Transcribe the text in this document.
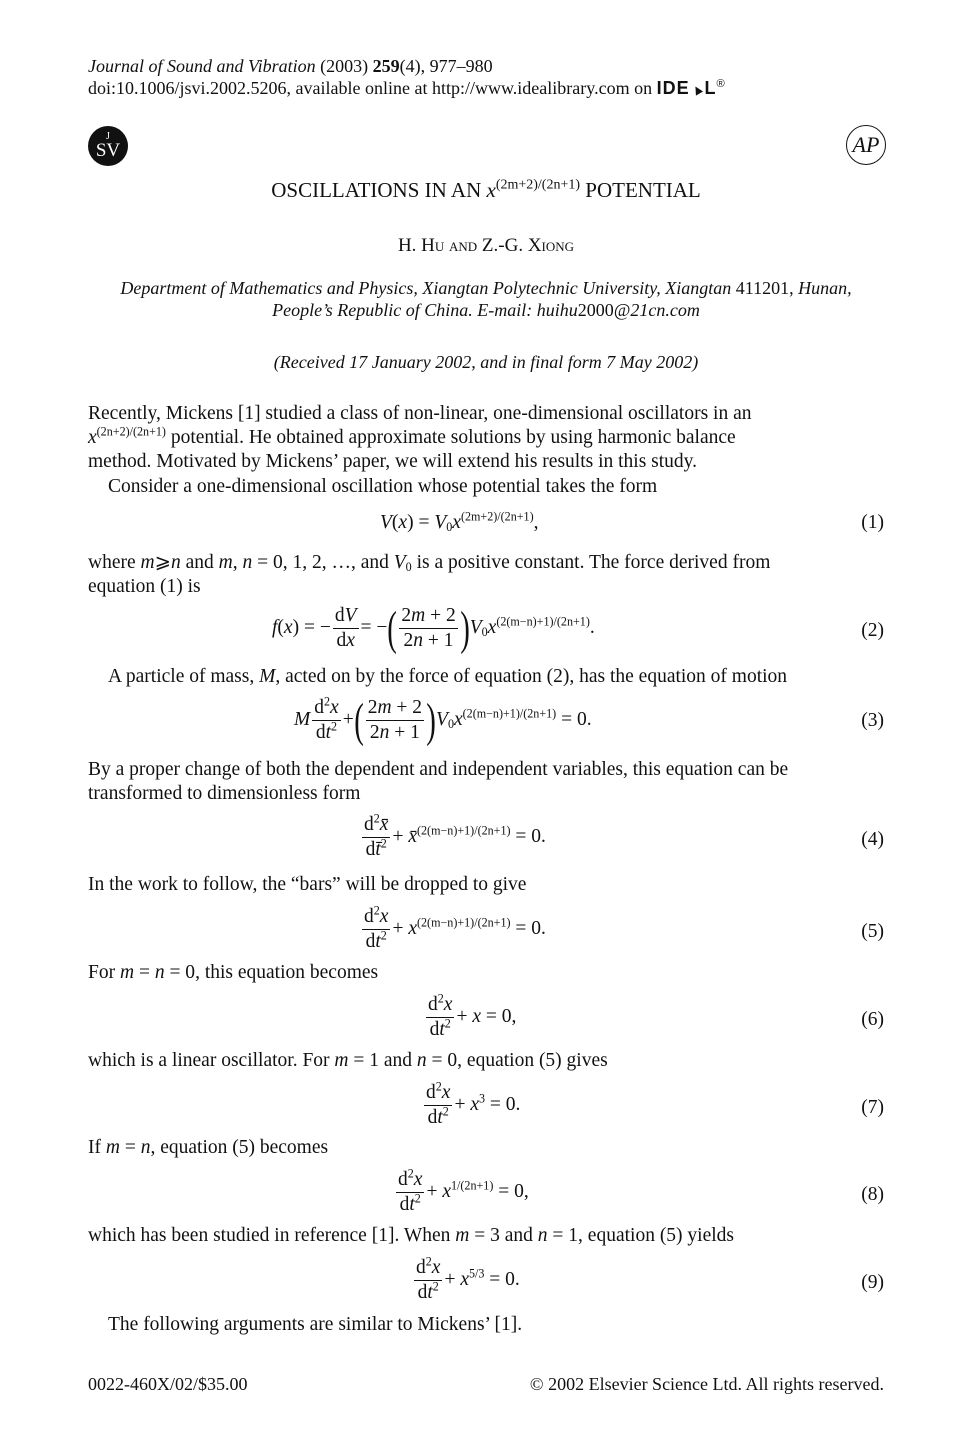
Journal of Sound and Vibration (2003) 259(4), 977–980
doi:10.1006/jsvi.2002.5206, available online at http://www.idealibrary.com on IDE▲L®
J
SV	AP
OSCILLATIONS IN AN $x^{(2m+2)/(2n+1)}$ POTENTIAL
H. Hu and Z.-G. Xiong
Department of Mathematics and Physics, Xiangtan Polytechnic University, Xiangtan 411201, Hunan,
People’s Republic of China. E-mail: huihu2000@21cn.com
(Received 17 January 2002, and in final form 7 May 2002)
Recently, Mickens [1] studied a class of non-linear, one-dimensional oscillators in an
$x^{(2n+2)/(2n+1)}$ potential. He obtained approximate solutions by using harmonic balance
method. Motivated by Mickens’ paper, we will extend his results in this study.
Consider a one-dimensional oscillation whose potential takes the form
$V(x) = V_0x^{(2m+2)/(2n+1)}$,	(1)
where m⩾n and m, n = 0, 1, 2, …, and $V_0$ is a positive constant. The force derived from
equation (1) is
f(x) = − $\frac{dV}{dx}$ = −( $\frac{2m + 2}{2n + 1} )V_0x^{(2(m-n)+1)/(2n+1)}$.	(2)
A particle of mass, M, acted on by the force of equation (2), has the equation of motion
M $\frac{d^2x}{dt^2}$ +( $\frac{2m + 2}{2n + 1} )V_0x^{(2(m-n)+1)/(2n+1)} = 0$.	(3)
By a proper change of both the dependent and independent variables, this equation can be
transformed to dimensionless form
$\frac{d^2x̄}{dt̄^2}$ + x̄$^{(2(m-n)+1)/(2n+1)}$ = 0.	(4)
In the work to follow, the “bars” will be dropped to give
$\frac{d^2x}{dt^2} + x^{(2(m-n)+1)/(2n+1)} = 0$.	(5)
For m = n = 0, this equation becomes
$\frac{d^2x}{dt^2} + x = 0$,	(6)
which is a linear oscillator. For m = 1 and n = 0, equation (5) gives
$\frac{d^2x}{dt^2} + x^3 = 0$.	(7)
If m = n, equation (5) becomes
$\frac{d^2x}{dt^2} + x^{1/(2n+1)} = 0$,	(8)
which has been studied in reference [1]. When m = 3 and n = 1, equation (5) yields
$\frac{d^2x}{dt^2} + x^{5/3} = 0$.	(9)
The following arguments are similar to Mickens’ [1].
0022-460X/02/$35.00	© 2002 Elsevier Science Ltd. All rights reserved.
